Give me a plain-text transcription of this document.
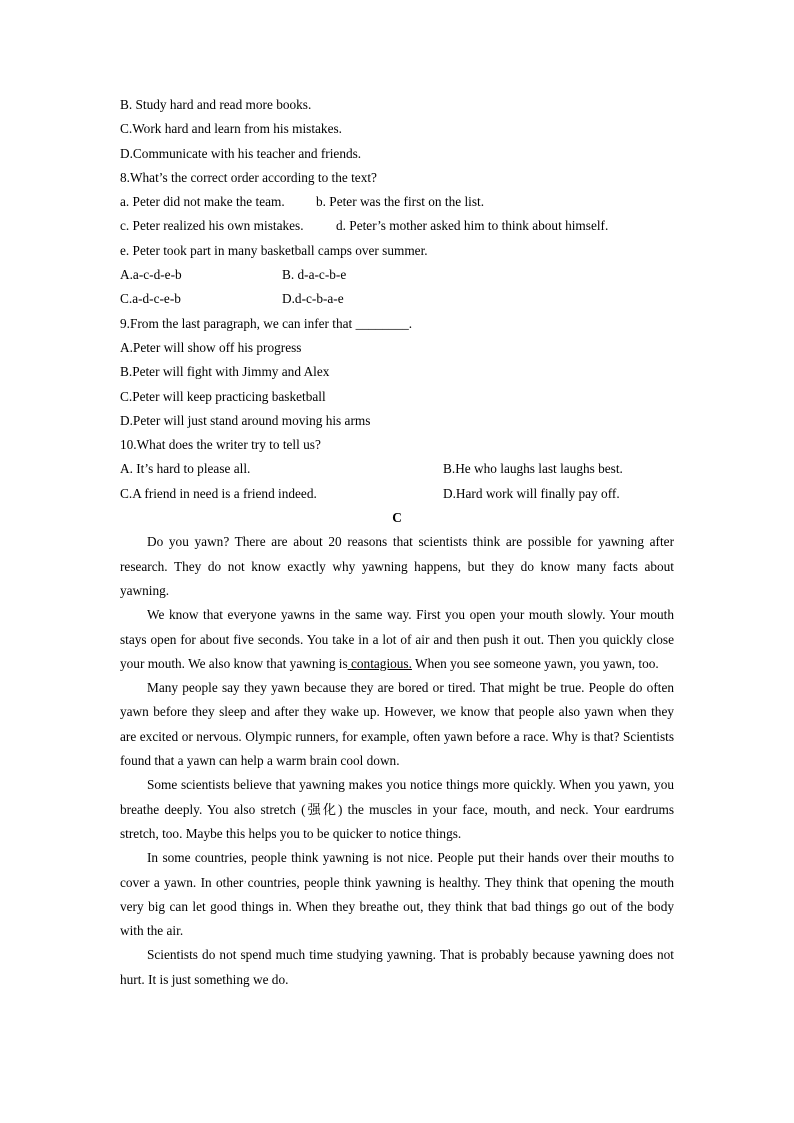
B. Study hard and read more books.
C.Work hard and learn from his mistakes.
D.Communicate with his teacher and friends.
8.What’s the correct order according to the text?
a. Peter did not make the team. b. Peter was the first on the list.
c. Peter realized his own mistakes. d. Peter’s mother asked him to think about himself.
e. Peter took part in many basketball camps over summer.
A.a-c-d-e-b	B. d-a-c-b-e
C.a-d-c-e-b	D.d-c-b-a-e
9.From the last paragraph, we can infer that ________.
A.Peter will show off his progress
B.Peter will fight with Jimmy and Alex
C.Peter will keep practicing basketball
D.Peter will just stand around moving his arms
10.What does the writer try to tell us?
A. It’s hard to please all.	B.He who laughs last laughs best.
C.A friend in need is a friend indeed.	D.Hard work will finally pay off.
C

Do you yawn? There are about 20 reasons that scientists think are possible for yawning after research. They do not know exactly why yawning happens, but they do know many facts about yawning.

We know that everyone yawns in the same way. First you open your mouth slowly. Your mouth stays open for about five seconds. You take in a lot of air and then push it out. Then you quickly close your mouth. We also know that yawning is contagious. When you see someone yawn, you yawn, too.

Many people say they yawn because they are bored or tired. That might be true. People do often yawn before they sleep and after they wake up. However, we know that people also yawn when they are excited or nervous. Olympic runners, for example, often yawn before a race. Why is that? Scientists found that a yawn can help a warm brain cool down.

Some scientists believe that yawning makes you notice things more quickly. When you yawn, you breathe deeply. You also stretch (强化) the muscles in your face, mouth, and neck. Your eardrums stretch, too. Maybe this helps you to be quicker to notice things.

In some countries, people think yawning is not nice. People put their hands over their mouths to cover a yawn. In other countries, people think yawning is healthy. They think that opening the mouth very big can let good things in. When they breathe out, they think that bad things go out of the body with the air.

Scientists do not spend much time studying yawning. That is probably because yawning does not hurt. It is just something we do.
